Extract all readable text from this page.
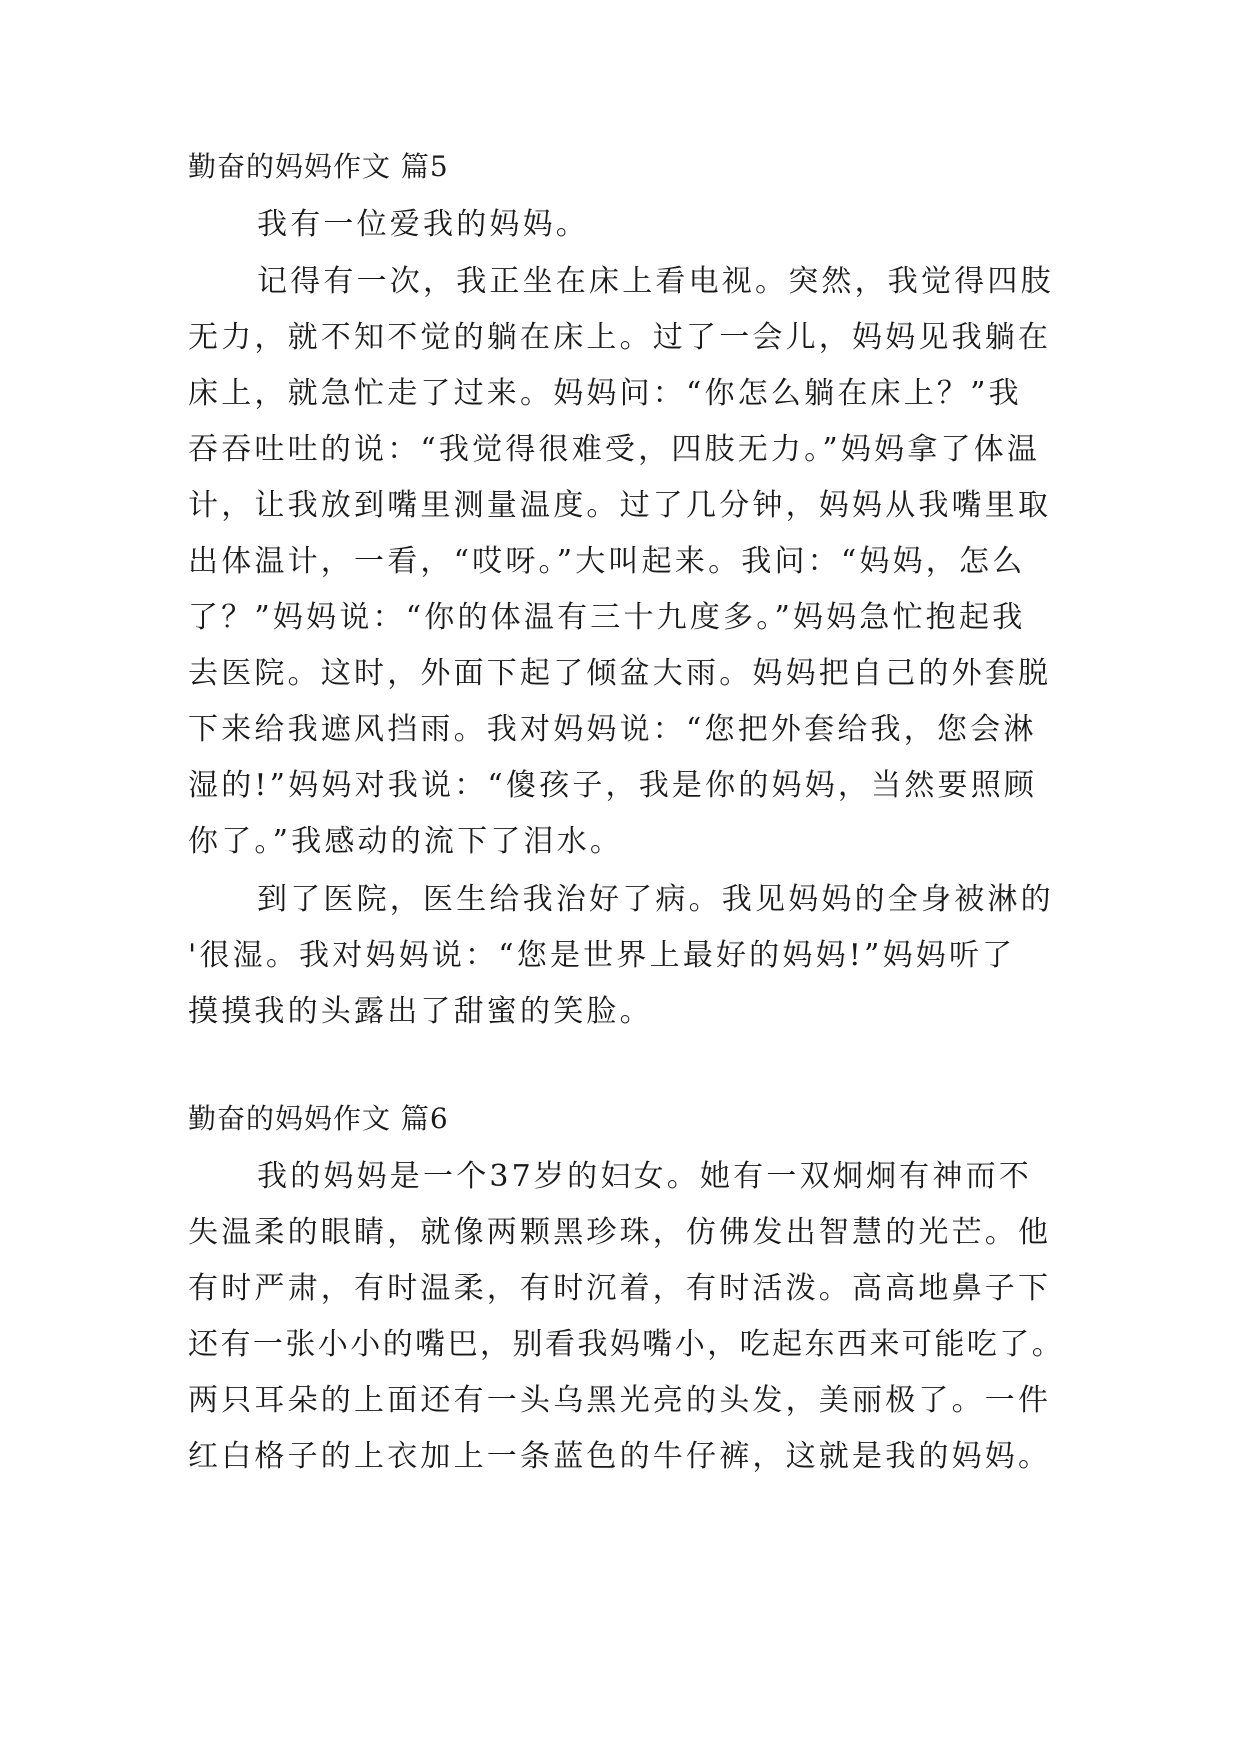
勤奋的妈妈作文 篇5
我有一位爱我的妈妈。
记得有一次，我正坐在床上看电视。突然，我觉得四肢
无力，就不知不觉的躺在床上。过了一会儿，妈妈见我躺在
床上，就急忙走了过来。妈妈问：“你怎么躺在床上？”我
吞吞吐吐的说：“我觉得很难受，四肢无力。”妈妈拿了体温
计，让我放到嘴里测量温度。过了几分钟，妈妈从我嘴里取
出体温计，一看，“哎呀。”大叫起来。我问：“妈妈，怎么
了？”妈妈说：“你的体温有三十九度多。”妈妈急忙抱起我
去医院。这时，外面下起了倾盆大雨。妈妈把自己的外套脱
下来给我遮风挡雨。我对妈妈说：“您把外套给我，您会淋
湿的!”妈妈对我说：“傻孩子，我是你的妈妈，当然要照顾
你了。”我感动的流下了泪水。
到了医院，医生给我治好了病。我见妈妈的全身被淋的
'很湿。我对妈妈说：“您是世界上最好的妈妈!”妈妈听了
摸摸我的头露出了甜蜜的笑脸。
勤奋的妈妈作文 篇6
我的妈妈是一个37岁的妇女。她有一双炯炯有神而不
失温柔的眼睛，就像两颗黑珍珠，仿佛发出智慧的光芒。他
有时严肃，有时温柔，有时沉着，有时活泼。高高地鼻子下
还有一张小小的嘴巴，别看我妈嘴小，吃起东西来可能吃了。
两只耳朵的上面还有一头乌黑光亮的头发，美丽极了。一件
红白格子的上衣加上一条蓝色的牛仔裤，这就是我的妈妈。
